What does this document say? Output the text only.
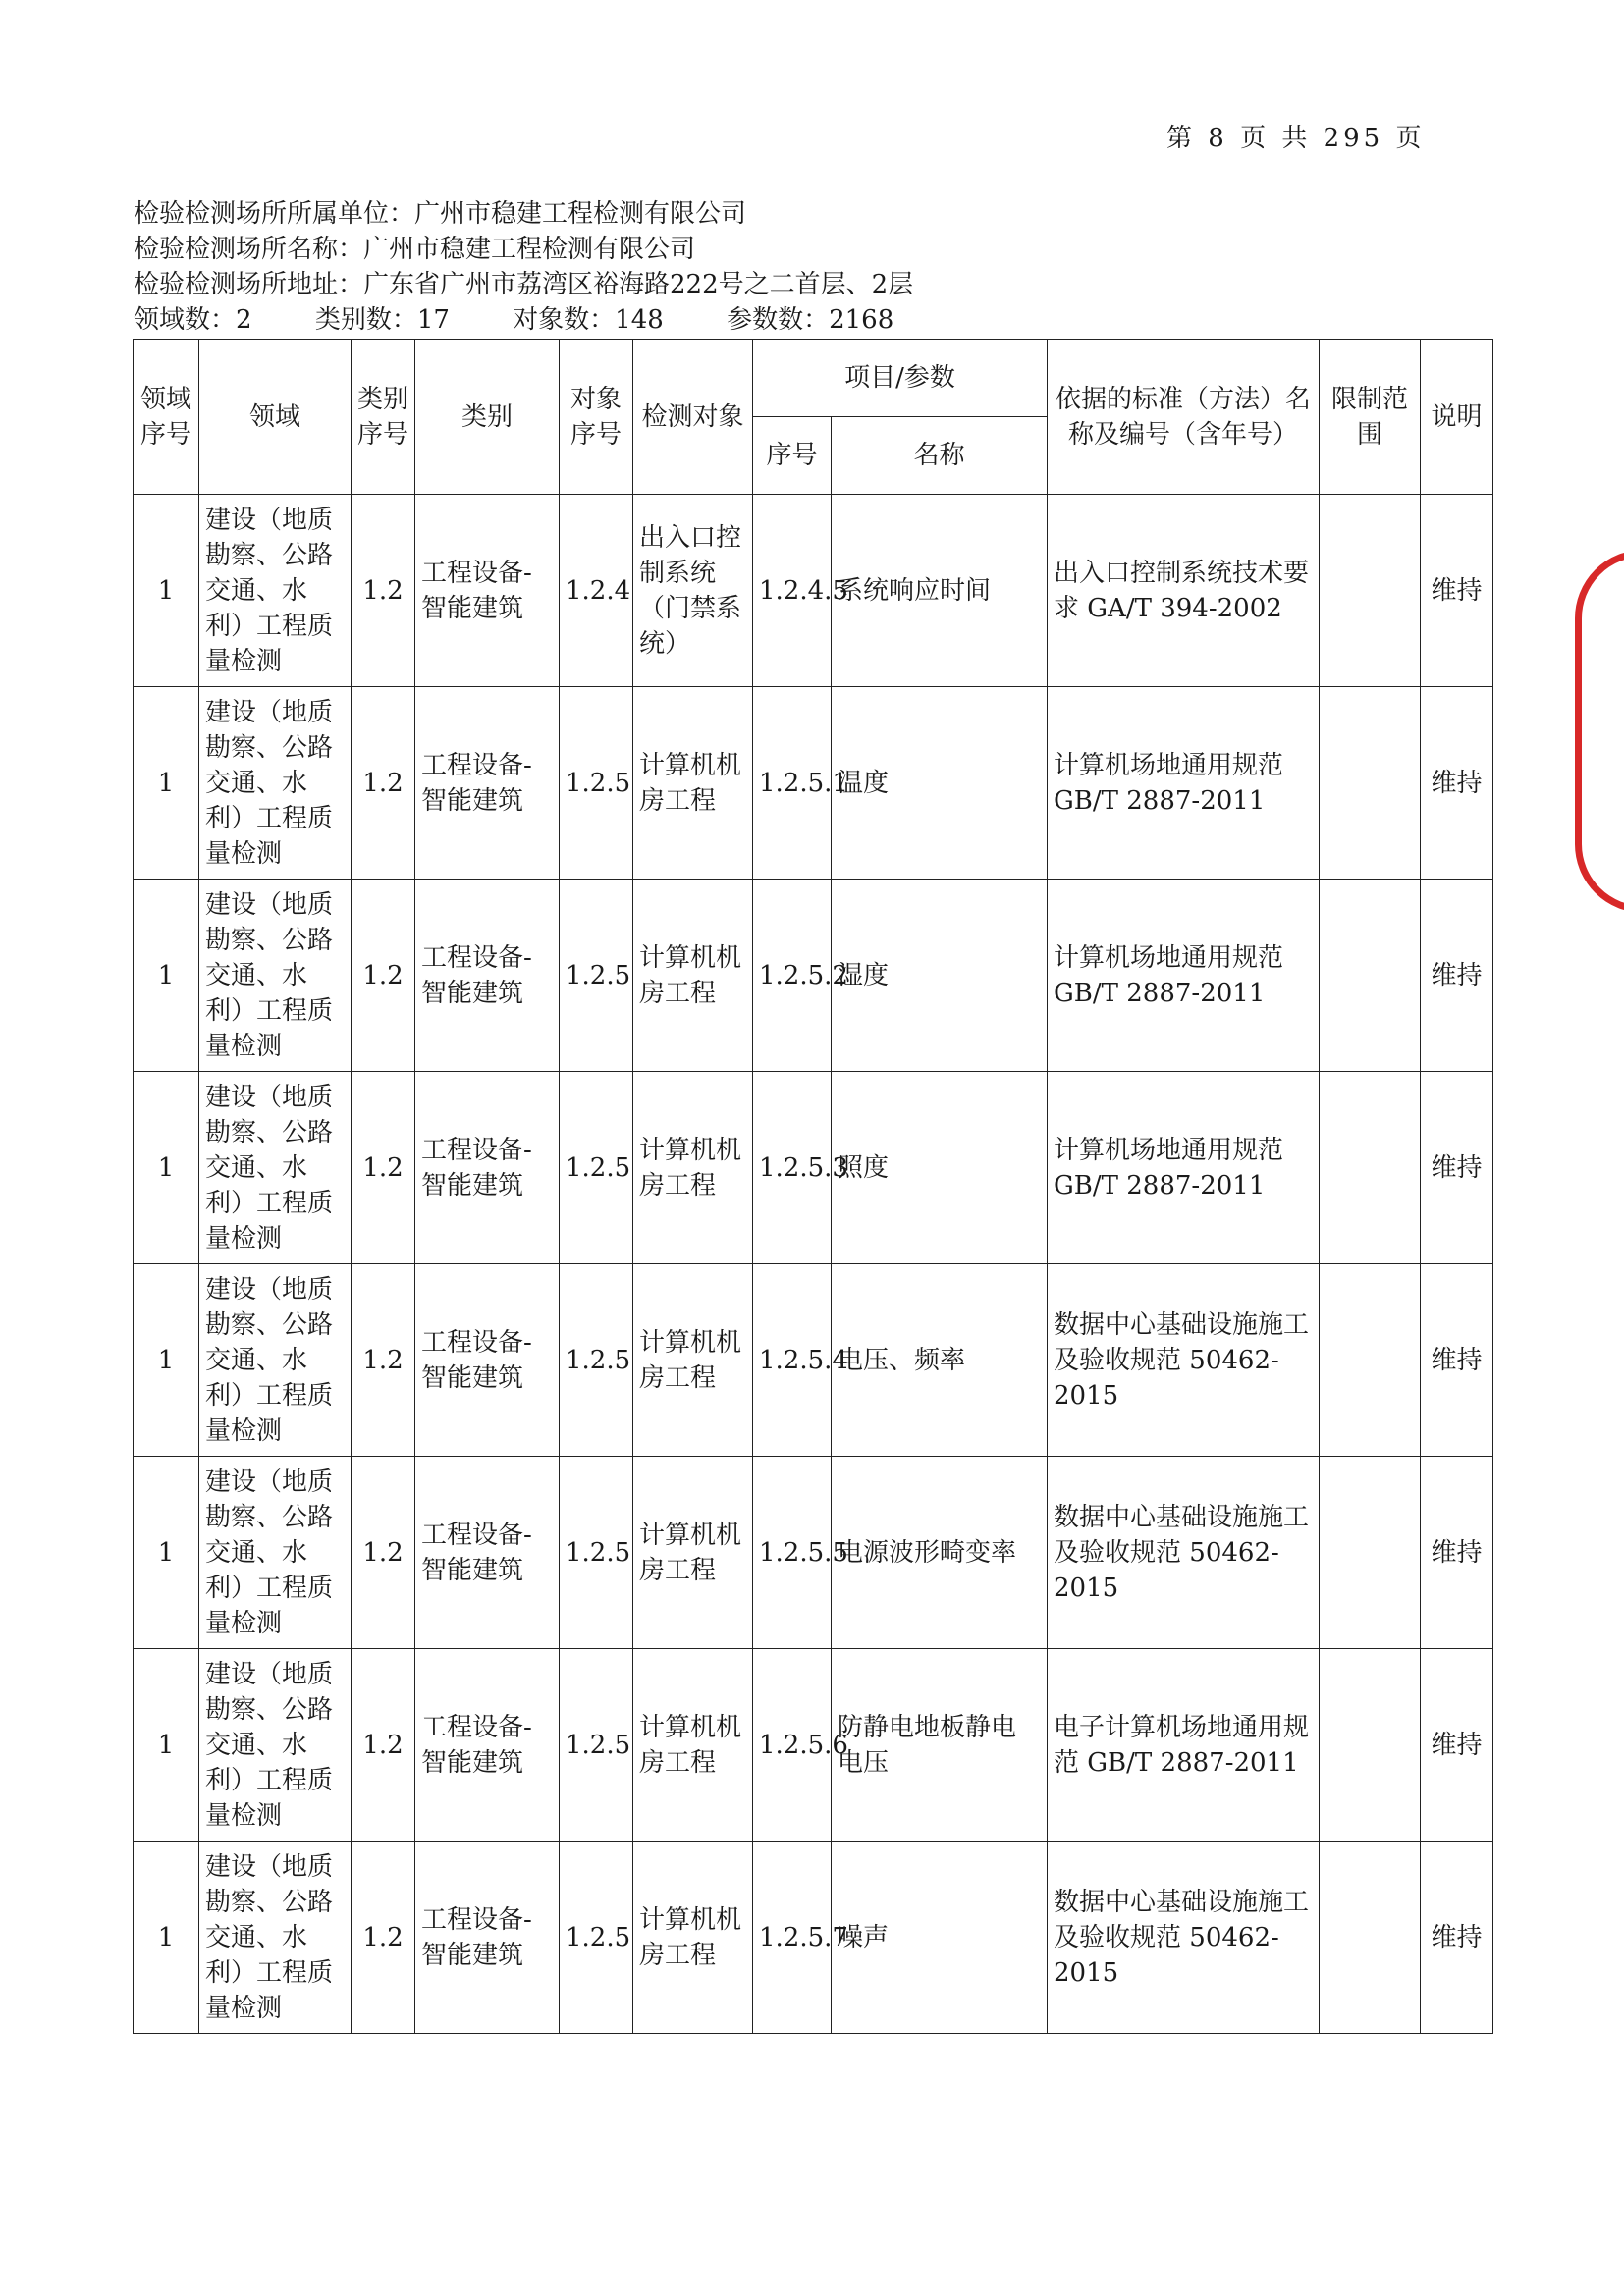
第 8 页 共 295 页
检验检测场所所属单位：广州市稳建工程检测有限公司
检验检测场所名称：广州市稳建工程检测有限公司
检验检测场所地址：广东省广州市荔湾区裕海路222号之二首层、2层
领域数：2 类别数：17 对象数：148 参数数：2168
领域序号	领域	类别序号	类别	对象序号	检测对象	项目/参数		依据的标准（方法）名称及编号（含年号）	限制范围	说明
						序号	名称			
1	建设（地质勘察、公路交通、水利）工程质量检测	1.2	工程设备-智能建筑	1.2.4	出入口控制系统（门禁系统）	1.2.4.5	系统响应时间	出入口控制系统技术要求 GA/T 394-2002		维持
1	建设（地质勘察、公路交通、水利）工程质量检测	1.2	工程设备-智能建筑	1.2.5	计算机机房工程	1.2.5.1	温度	计算机场地通用规范 GB/T 2887-2011		维持
1	建设（地质勘察、公路交通、水利）工程质量检测	1.2	工程设备-智能建筑	1.2.5	计算机机房工程	1.2.5.2	湿度	计算机场地通用规范 GB/T 2887-2011		维持
1	建设（地质勘察、公路交通、水利）工程质量检测	1.2	工程设备-智能建筑	1.2.5	计算机机房工程	1.2.5.3	照度	计算机场地通用规范 GB/T 2887-2011		维持
1	建设（地质勘察、公路交通、水利）工程质量检测	1.2	工程设备-智能建筑	1.2.5	计算机机房工程	1.2.5.4	电压、频率	数据中心基础设施施工及验收规范 50462-2015		维持
1	建设（地质勘察、公路交通、水利）工程质量检测	1.2	工程设备-智能建筑	1.2.5	计算机机房工程	1.2.5.5	电源波形畸变率	数据中心基础设施施工及验收规范 50462-2015		维持
1	建设（地质勘察、公路交通、水利）工程质量检测	1.2	工程设备-智能建筑	1.2.5	计算机机房工程	1.2.5.6	防静电地板静电电压	电子计算机场地通用规范 GB/T 2887-2011		维持
1	建设（地质勘察、公路交通、水利）工程质量检测	1.2	工程设备-智能建筑	1.2.5	计算机机房工程	1.2.5.7	噪声	数据中心基础设施施工及验收规范 50462-2015		维持
